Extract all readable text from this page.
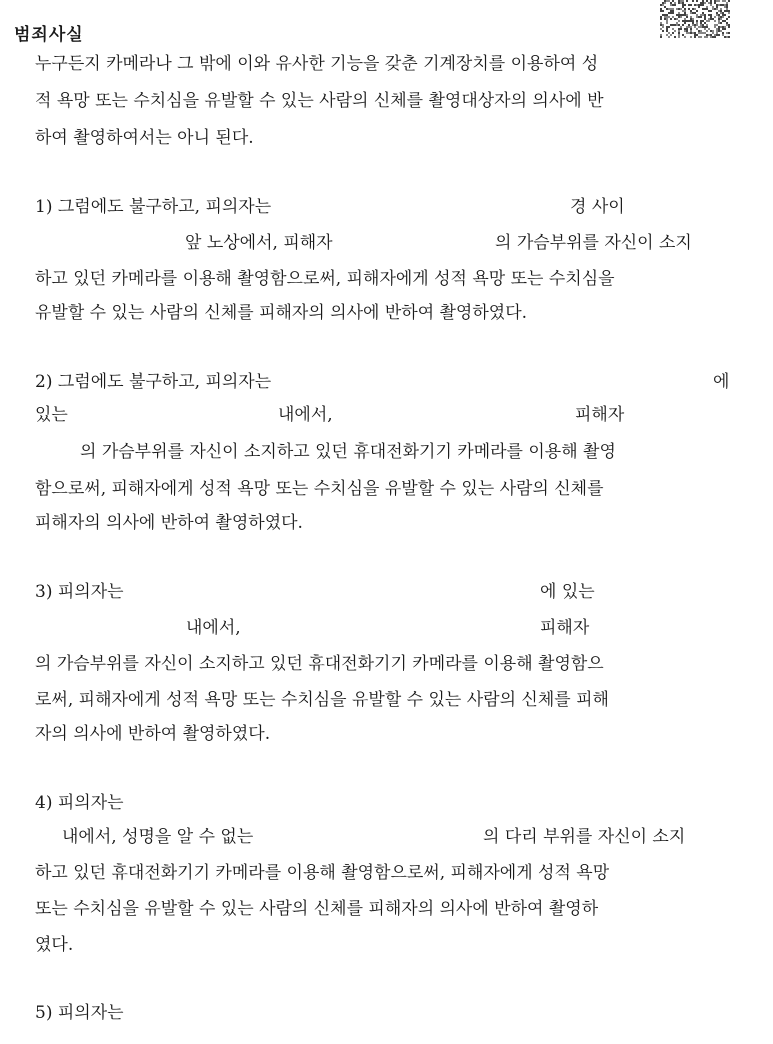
범죄사실
누구든지 카메라나 그 밖에 이와 유사한 기능을 갖춘 기계장치를 이용하여 성
적 욕망 또는 수치심을 유발할 수 있는 사람의 신체를 촬영대상자의 의사에 반
하여 촬영하여서는 아니 된다.
1) 그럼에도 불구하고, 피의자는	경 사이
앞 노상에서, 피해자	의 가슴부위를 자신이 소지
하고 있던 카메라를 이용해 촬영함으로써, 피해자에게 성적 욕망 또는 수치심을
유발할 수 있는 사람의 신체를 피해자의 의사에 반하여 촬영하였다.
2) 그럼에도 불구하고, 피의자는	에
있는	내에서,	피해자
의 가슴부위를 자신이 소지하고 있던 휴대전화기기 카메라를 이용해 촬영
함으로써, 피해자에게 성적 욕망 또는 수치심을 유발할 수 있는 사람의 신체를
피해자의 의사에 반하여 촬영하였다.
3) 피의자는	에 있는
내에서,	피해자
의 가슴부위를 자신이 소지하고 있던 휴대전화기기 카메라를 이용해 촬영함으
로써, 피해자에게 성적 욕망 또는 수치심을 유발할 수 있는 사람의 신체를 피해
자의 의사에 반하여 촬영하였다.
4) 피의자는
내에서, 성명을 알 수 없는	의 다리 부위를 자신이 소지
하고 있던 휴대전화기기 카메라를 이용해 촬영함으로써, 피해자에게 성적 욕망
또는 수치심을 유발할 수 있는 사람의 신체를 피해자의 의사에 반하여 촬영하
였다.
5) 피의자는
